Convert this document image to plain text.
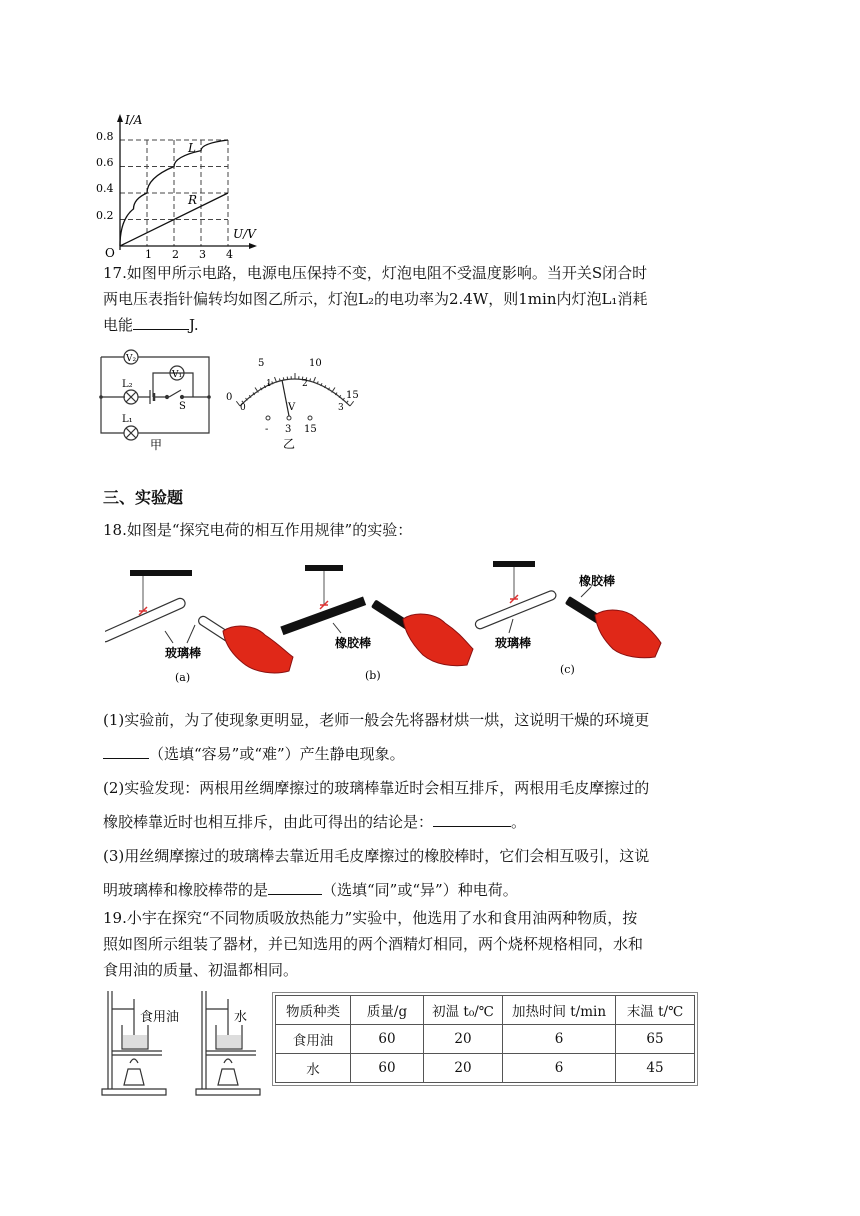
I/A
U/V
O
0.8
0.6
0.4
0.2
1 2 3 4
L
R
17.如图甲所示电路，电源电压保持不变，灯泡电阻不受温度影响。当开关S闭合时
两电压表指针偏转均如图乙所示，灯泡L₂的电功率为2.4W，则1min内灯泡L₁消耗
电能	J.
V₂
V₁
L₂
L₁
S
甲
0
5	10
15
0
1	2
3
V
- 3 15
乙
三、实验题
18.如图是“探究电荷的相互作用规律”的实验：
玻璃棒
(a)
橡胶棒
(b)
玻璃棒
橡胶棒
(c)
(1)实验前，为了使现象更明显，老师一般会先将器材烘一烘，这说明干燥的环境更
（选填“容易”或“难”）产生静电现象。
(2)实验发现：两根用丝绸摩擦过的玻璃棒靠近时会相互排斥，两根用毛皮摩擦过的
橡胶棒靠近时也相互排斥，由此可得出的结论是：	。
(3)用丝绸摩擦过的玻璃棒去靠近用毛皮摩擦过的橡胶棒时，它们会相互吸引，这说
明玻璃棒和橡胶棒带的是	（选填“同”或“异”）种电荷。
19.小宇在探究“不同物质吸放热能力”实验中，他选用了水和食用油两种物质，按
照如图所示组装了器材，并已知选用的两个酒精灯相同，两个烧杯规格相同，水和
食用油的质量、初温都相同。
食用油	水	物质种类	质量/g	初温 t₀/℃	加热时间 t/min	末温 t/℃
食用油	60	20	6	65
水	60	20	6	45
